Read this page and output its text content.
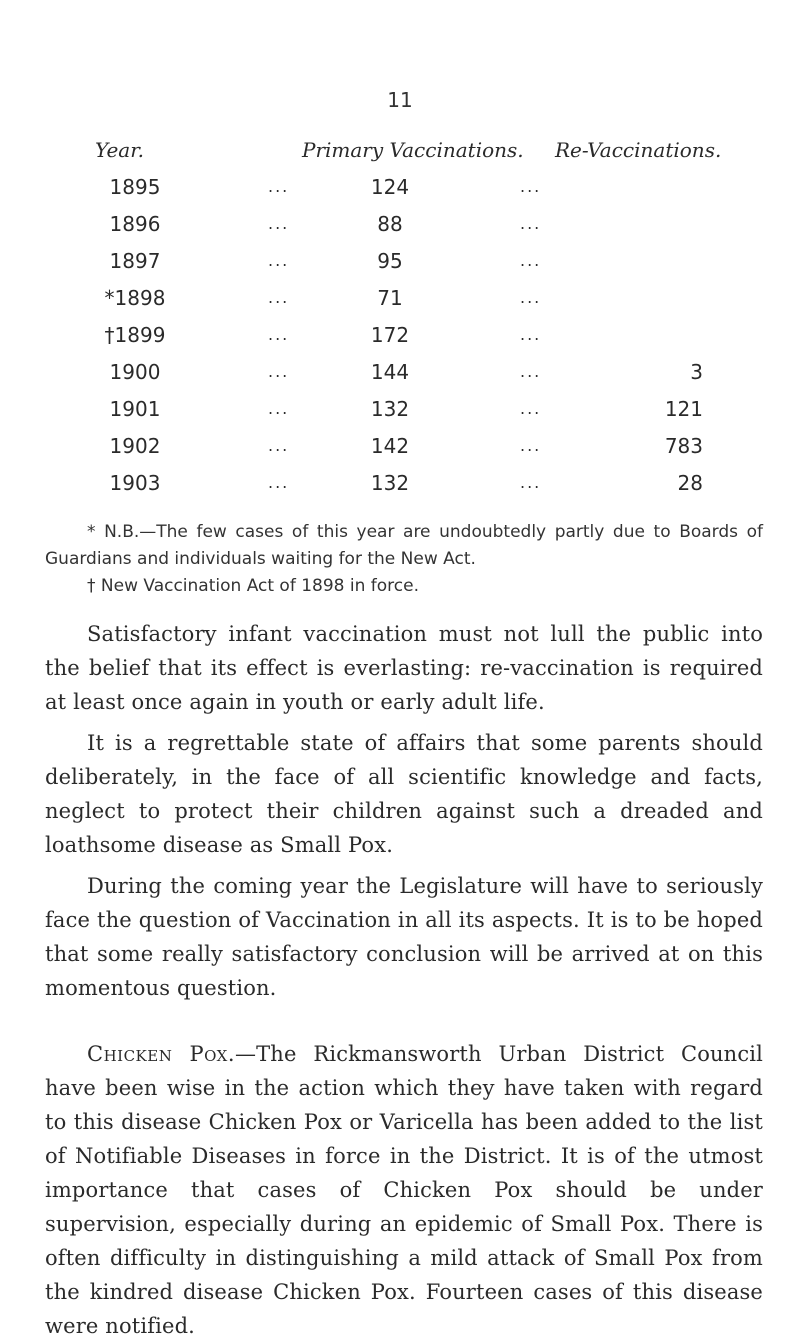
11
Year.	Primary Vaccinations. Re-Vaccinations.
1895	...	124	...
1896	...	88	...
1897	...	95	...
*1898	...	71	...
†1899	...	172	...
1900	...	144	...	3
1901	...	132	...	121
1902	...	142	...	783
1903	...	132	...	28
* N.B.—The few cases of this year are undoubtedly partly due to Boards of Guardians and individuals waiting for the New Act.
† New Vaccination Act of 1898 in force.

Satisfactory infant vaccination must not lull the public into the belief that its effect is everlasting: re-vaccination is required at least once again in youth or early adult life.

It is a regrettable state of affairs that some parents should deliberately, in the face of all scientific knowledge and facts, neglect to protect their children against such a dreaded and loathsome disease as Small Pox.

During the coming year the Legislature will have to seriously face the question of Vaccination in all its aspects. It is to be hoped that some really satisfactory conclusion will be arrived at on this momentous question.

Chicken Pox.—The Rickmansworth Urban District Council have been wise in the action which they have taken with regard to this disease Chicken Pox or Varicella has been added to the list of Notifiable Diseases in force in the District. It is of the utmost importance that cases of Chicken Pox should be under supervision, especially during an epidemic of Small Pox. There is often difficulty in distinguishing a mild attack of Small Pox from the kindred disease Chicken Pox. Fourteen cases of this disease were notified.
